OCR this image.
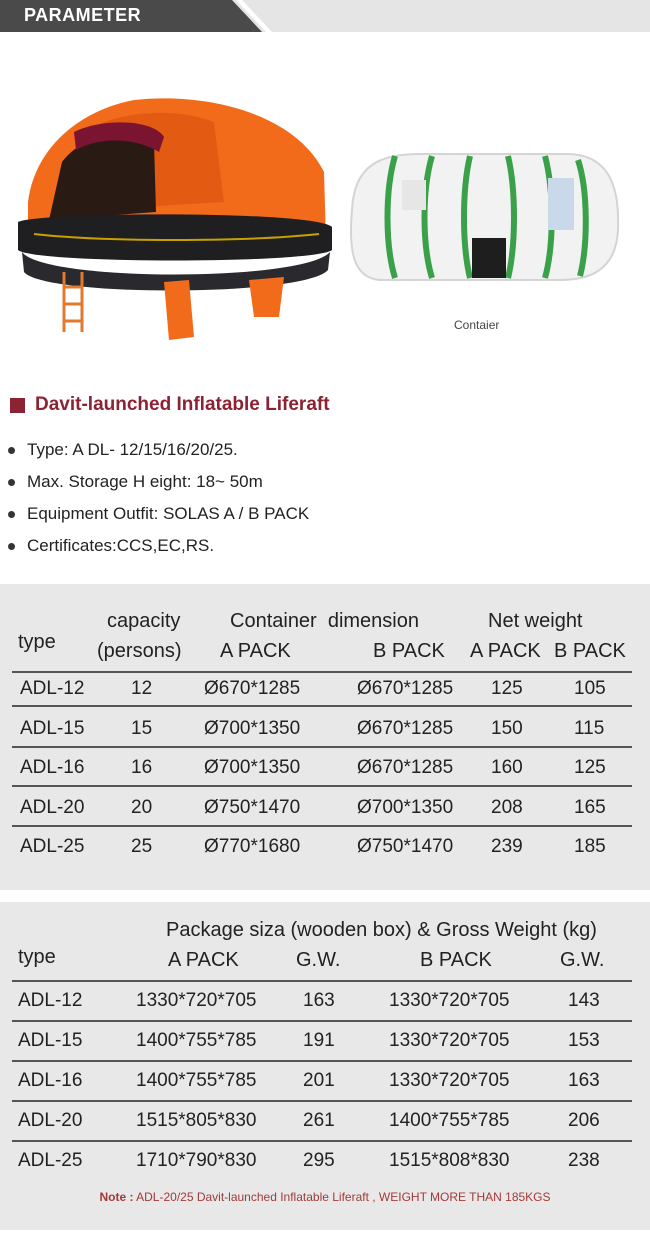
PARAMETER
Contaier
Davit-launched Inflatable Liferaft
Type: A DL- 12/15/16/20/25.
Max. Storage H eight: 18~ 50m
Equipment Outfit: SOLAS A / B PACK
Certificates:CCS,EC,RS.
type
capacity
(persons)
Container  dimension
A PACK	B PACK
Net weight
A PACK B PACK
ADL-12 12	Ø670*1285	Ø670*1285 125	105
ADL-15 15	Ø700*1350	Ø670*1285 150	115
ADL-16 16	Ø700*1350	Ø670*1285 160	125
ADL-20 20	Ø750*1470	Ø700*1350 208	165
ADL-25 25	Ø770*1680	Ø750*1470 239	185
Package siza (wooden box) & Gross Weight (kg)
type	A PACK	G.W.	B PACK	G.W.
ADL-12	1330*720*705 163	1330*720*705	143
ADL-15	1400*755*785 191	1330*720*705	153
ADL-16	1400*755*785 201	1330*720*705	163
ADL-20	1515*805*830 261	1400*755*785	206
ADL-25	1710*790*830 295	1515*808*830	238
Note : ADL-20/25 Davit-launched Inflatable Liferaft , WEIGHT MORE THAN 185KGS
